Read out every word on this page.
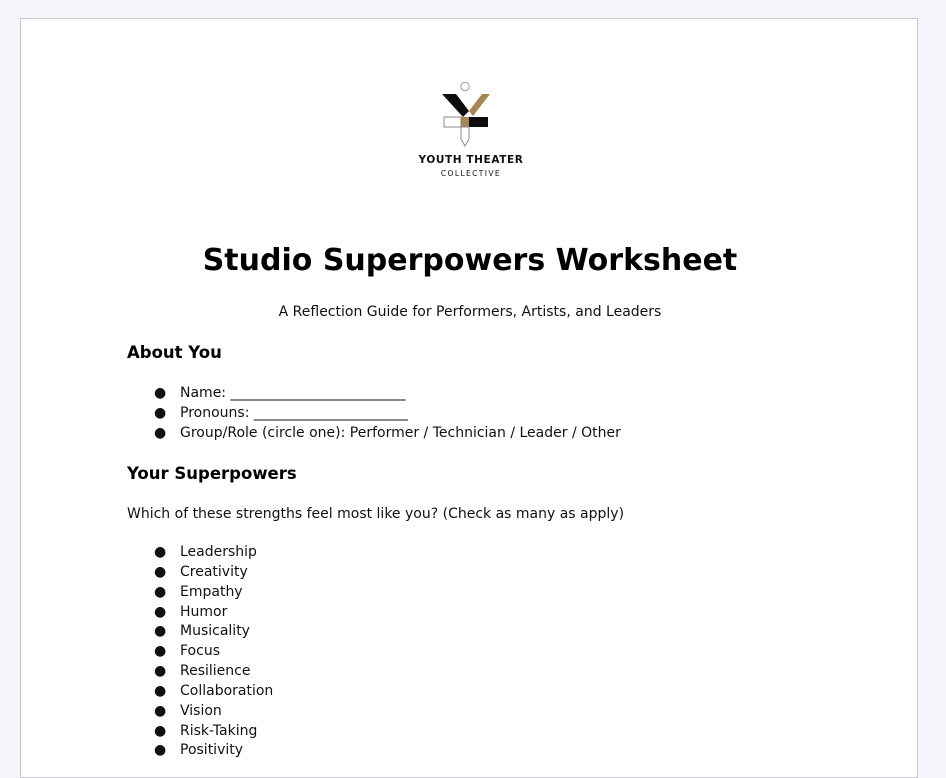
YOUTH THEATER
COLLECTIVE
Studio Superpowers Worksheet
A Reflection Guide for Performers, Artists, and Leaders
About You
● Name: _________________________
● Pronouns: ______________________
● Group/Role (circle one): Performer / Technician / Leader / Other
Your Superpowers
Which of these strengths feel most like you? (Check as many as apply)
● Leadership
● Creativity
● Empathy
● Humor
● Musicality
● Focus
● Resilience
● Collaboration
● Vision
● Risk-Taking
● Positivity
